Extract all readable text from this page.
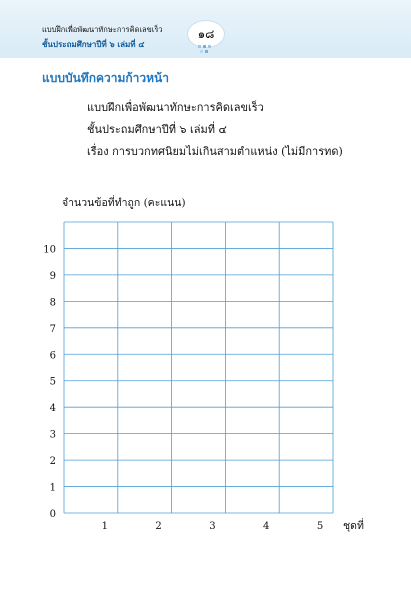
แบบฝึกเพื่อพัฒนาทักษะการคิดเลขเร็ว
ชั้นประถมศึกษาปีที่ ๖ เล่มที่ ๔
๑๘
แบบบันทึกความก้าวหน้า
แบบฝึกเพื่อพัฒนาทักษะการคิดเลขเร็ว
ชั้นประถมศึกษาปีที่ ๖ เล่มที่ ๔
เรื่อง การบวกทศนิยมไม่เกินสามตำแหน่ง (ไม่มีการทด)
จำนวนข้อที่ทำถูก (คะแนน)
0
1
2
3
4
5
6
7
8
9
10
1	2	3	4	5 ชุดที่
